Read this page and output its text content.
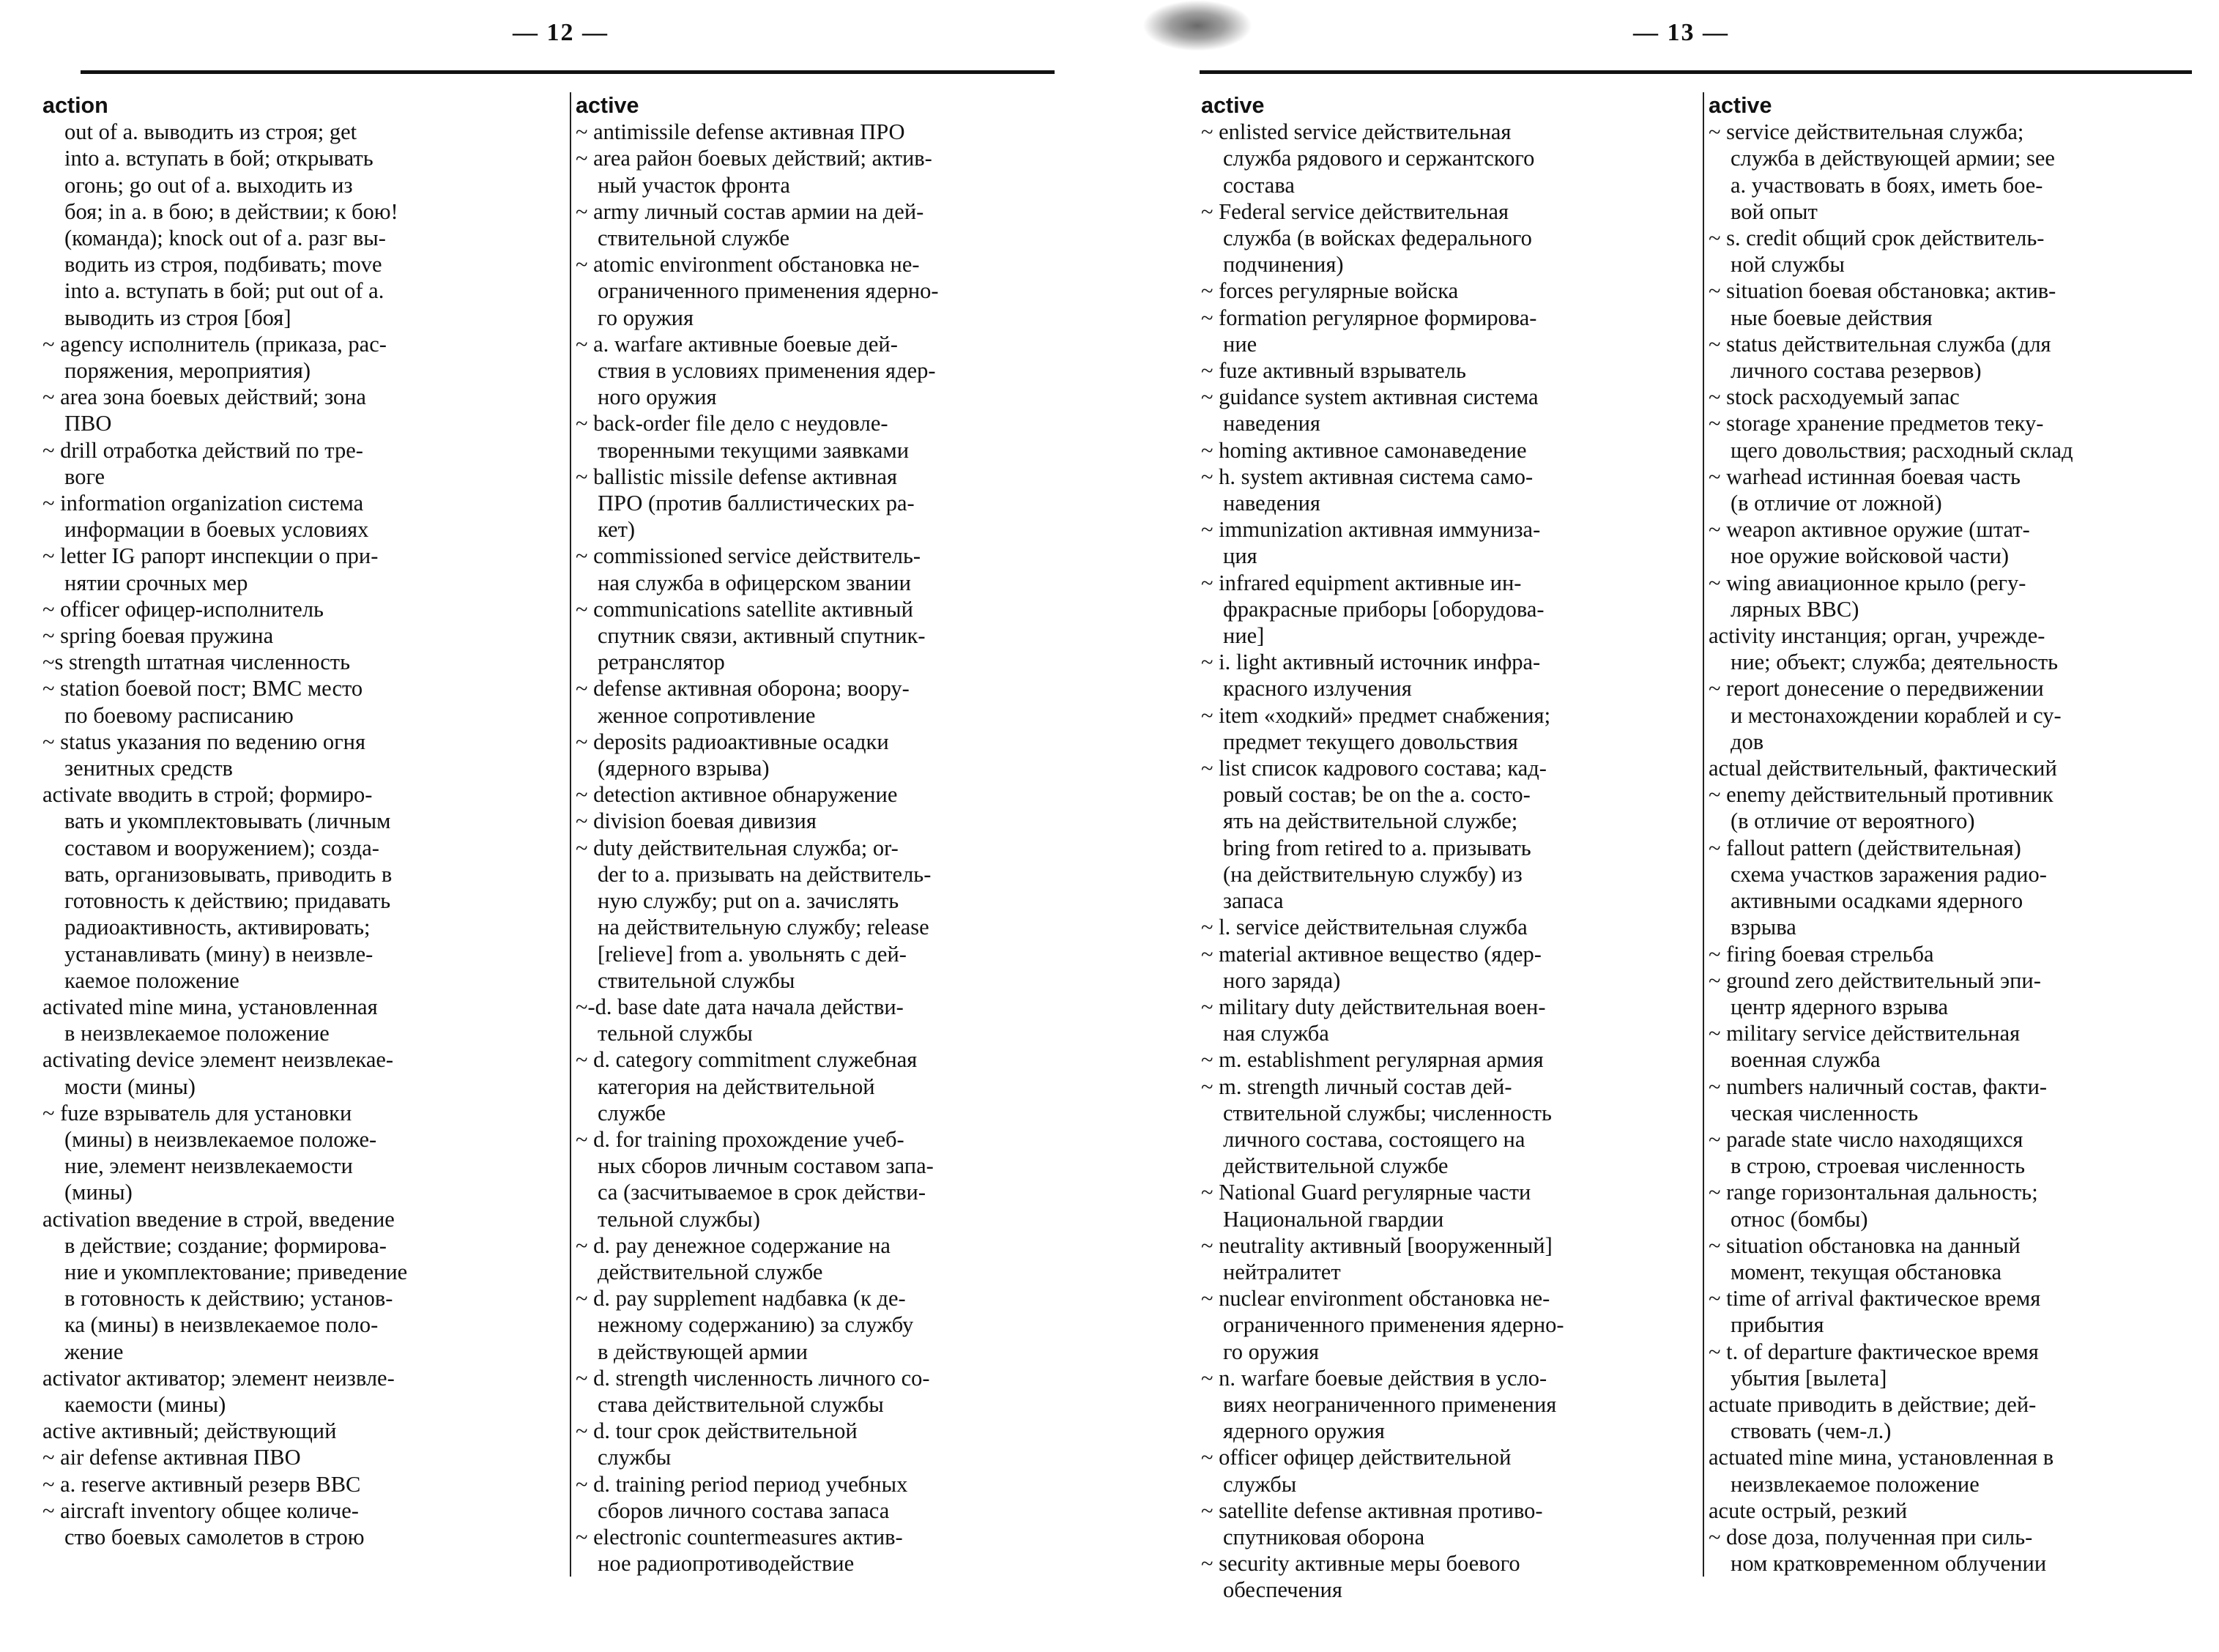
— 12 —
action
out of a. выводить из строя; get
into a. вступать в бой; открывать
огонь; go out of a. выходить из
боя; in a. в бою; в действии; к бою!
(команда); knock out of a. разг вы-
водить из строя, подбивать; move
into a. вступать в бой; put out of a.
выводить из строя [боя]
~ agency исполнитель (приказа, рас-
поряжения, мероприятия)
~ area зона боевых действий; зона
ПВО
~ drill отработка действий по тре-
воге
~ information organization система
информации в боевых условиях
~ letter IG рапорт инспекции о при-
нятии срочных мер
~ officer офицер-исполнитель
~ spring боевая пружина
~s strength штатная численность
~ station боевой пост; ВМС место
по боевому расписанию
~ status указания по ведению огня
зенитных средств
activate вводить в строй; формиро-
вать и укомплектовывать (личным
составом и вооружением); созда-
вать, организовывать, приводить в
готовность к действию; придавать
радиоактивность, активировать;
устанавливать (мину) в неизвле-
каемое положение
activated mine мина, установленная
в неизвлекаемое положение
activating device элемент неизвлекае-
мости (мины)
~ fuze взрыватель для установки
(мины) в неизвлекаемое положе-
ние, элемент неизвлекаемости
(мины)
activation введение в строй, введение
в действие; создание; формирова-
ние и укомплектование; приведение
в готовность к действию; установ-
ка (мины) в неизвлекаемое поло-
жение
activator активатор; элемент неизвле-
каемости (мины)
active активный; действующий
~ air defense активная ПВО
~ a. reserve активный резерв ВВС
~ aircraft inventory общее количе-
ство боевых самолетов в строю
active
~ antimissile defense активная ПРО
~ area район боевых действий; актив-
ный участок фронта
~ army личный состав армии на дей-
ствительной службе
~ atomic environment обстановка не-
ограниченного применения ядерно-
го оружия
~ a. warfare активные боевые дей-
ствия в условиях применения ядер-
ного оружия
~ back-order file дело с неудовле-
творенными текущими заявками
~ ballistic missile defense активная
ПРО (против баллистических ра-
кет)
~ commissioned service действитель-
ная служба в офицерском звании
~ communications satellite активный
спутник связи, активный спутник-
ретранслятор
~ defense активная оборона; воору-
женное сопротивление
~ deposits радиоактивные осадки
(ядерного взрыва)
~ detection активное обнаружение
~ division боевая дивизия
~ duty действительная служба; or-
der to a. призывать на действитель-
ную службу; put on a. зачислять
на действительную службу; release
[relieve] from a. увольнять с дей-
ствительной службы
~-d. base date дата начала действи-
тельной службы
~ d. category commitment служебная
категория на действительной
службе
~ d. for training прохождение учеб-
ных сборов личным составом запа-
са (засчитываемое в срок действи-
тельной службы)
~ d. pay денежное содержание на
действительной службе
~ d. pay supplement надбавка (к де-
нежному содержанию) за службу
в действующей армии
~ d. strength численность личного со-
става действительной службы
~ d. tour срок действительной
службы
~ d. training period период учебных
сборов личного состава запаса
~ electronic countermeasures актив-
ное радиопротиводействие
— 13 —
active
~ enlisted service действительная
служба рядового и сержантского
состава
~ Federal service действительная
служба (в войсках федерального
подчинения)
~ forces регулярные войска
~ formation регулярное формирова-
ние
~ fuze активный взрыватель
~ guidance system активная система
наведения
~ homing активное самонаведение
~ h. system активная система само-
наведения
~ immunization активная иммуниза-
ция
~ infrared equipment активные ин-
фракрасные приборы [оборудова-
ние]
~ i. light активный источник инфра-
красного излучения
~ item «ходкий» предмет снабжения;
предмет текущего довольствия
~ list список кадрового состава; кад-
ровый состав; be on the a. состо-
ять на действительной службе;
bring from retired to a. призывать
(на действительную службу) из
запаса
~ l. service действительная служба
~ material активное вещество (ядер-
ного заряда)
~ military duty действительная воен-
ная служба
~ m. establishment регулярная армия
~ m. strength личный состав дей-
ствительной службы; численность
личного состава, состоящего на
действительной службе
~ National Guard регулярные части
Национальной гвардии
~ neutrality активный [вооруженный]
нейтралитет
~ nuclear environment обстановка не-
ограниченного применения ядерно-
го оружия
~ n. warfare боевые действия в усло-
виях неограниченного применения
ядерного оружия
~ officer офицер действительной
службы
~ satellite defense активная противо-
спутниковая оборона
~ security активные меры боевого
обеспечения
active
~ service действительная служба;
служба в действующей армии; see
a. участвовать в боях, иметь бое-
вой опыт
~ s. credit общий срок действитель-
ной службы
~ situation боевая обстановка; актив-
ные боевые действия
~ status действительная служба (для
личного состава резервов)
~ stock расходуемый запас
~ storage хранение предметов теку-
щего довольствия; расходный склад
~ warhead истинная боевая часть
(в отличие от ложной)
~ weapon активное оружие (штат-
ное оружие войсковой части)
~ wing авиационное крыло (регу-
лярных ВВС)
activity инстанция; орган, учрежде-
ние; объект; служба; деятельность
~ report донесение о передвижении
и местонахождении кораблей и су-
дов
actual действительный, фактический
~ enemy действительный противник
(в отличие от вероятного)
~ fallout pattern (действительная)
схема участков заражения радио-
активными осадками ядерного
взрыва
~ firing боевая стрельба
~ ground zero действительный эпи-
центр ядерного взрыва
~ military service действительная
военная служба
~ numbers наличный состав, факти-
ческая численность
~ parade state число находящихся
в строю, строевая численность
~ range горизонтальная дальность;
относ (бомбы)
~ situation обстановка на данный
момент, текущая обстановка
~ time of arrival фактическое время
прибытия
~ t. of departure фактическое время
убытия [вылета]
actuate приводить в действие; дей-
ствовать (чем-л.)
actuated mine мина, установленная в
неизвлекаемое положение
acute острый, резкий
~ dose доза, полученная при силь-
ном кратковременном облучении
